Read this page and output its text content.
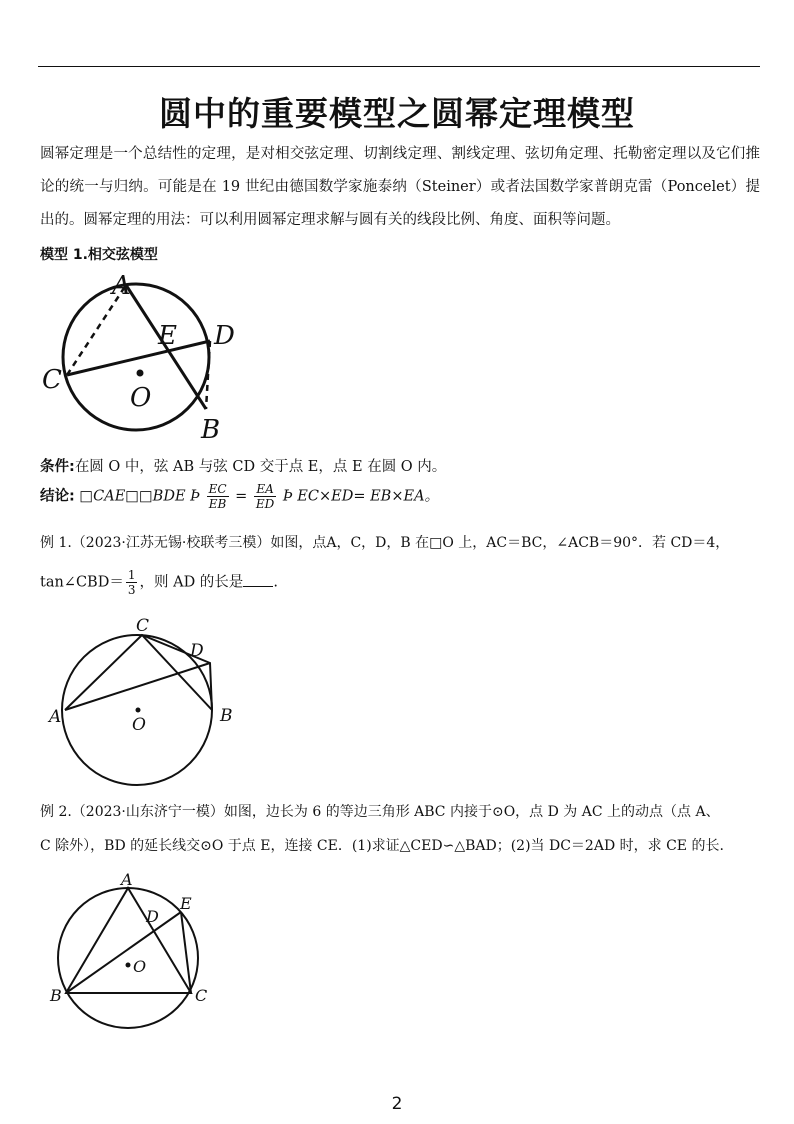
圆中的重要模型之圆幂定理模型
圆幂定理是一个总结性的定理，是对相交弦定理、切割线定理、割线定理、弦切角定理、托勒密定理以及它们推论的统一与归纳。可能是在 19 世纪由德国数学家施泰纳（Steiner）或者法国数学家普朗克雷（Poncelet）提出的。圆幂定理的用法：可以利用圆幂定理求解与圆有关的线段比例、角度、面积等问题。
模型 1.相交弦模型
A
B
C
D
E
O
条件:在圆 O 中，弦 AB 与弦 CD 交于点 E，点 E 在圆 O 内。
结论: □CAE□□BDE Þ $\frac{EC}{EB} = \frac{EA}{ED}$ Þ EC×ED= EB×EA。
例 1.（2023·江苏无锡·校联考三模）如图，点A，C，D，B 在□O 上，AC＝BC，∠ACB＝90°．若 CD＝4，
tan∠CBD＝ $\frac{1}{3}$ ，则 AD 的长是 .
C
D
A	B
O
例 2.（2023·山东济宁一模）如图，边长为 6 的等边三角形 ABC 内接于⊙O，点 D 为 AC 上的动点（点 A、
C 除外），BD 的延长线交⊙O 于点 E，连接 CE．(1)求证△CED∽△BAD；(2)当 DC＝2AD 时，求 CE 的长.
A
E
D
O
B	C
2
